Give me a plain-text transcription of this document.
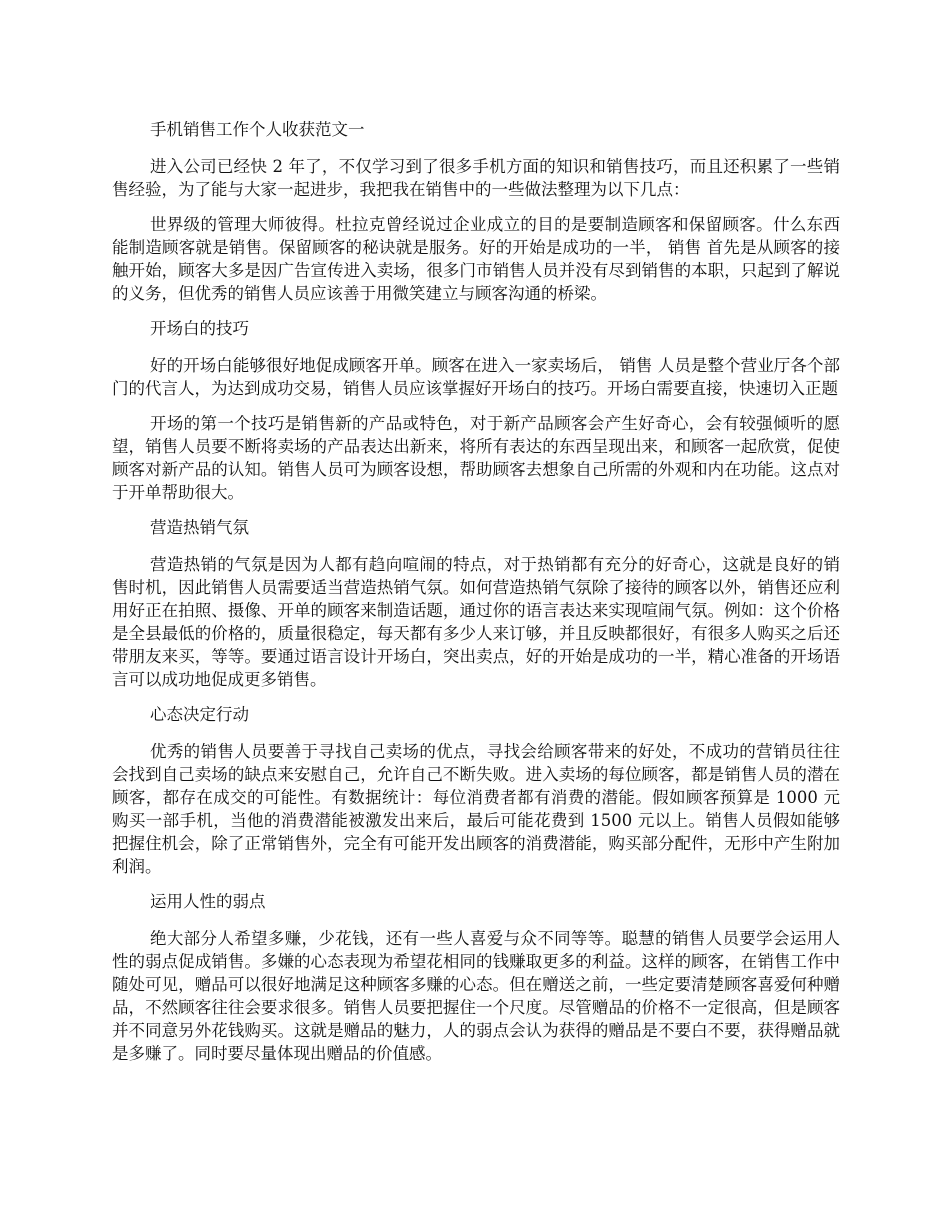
手机销售工作个人收获范文一

进入公司已经快 2 年了，不仅学习到了很多手机方面的知识和销售技巧，而且还积累了一些销售经验，为了能与大家一起进步，我把我在销售中的一些做法整理为以下几点：

世界级的管理大师彼得。杜拉克曾经说过企业成立的目的是要制造顾客和保留顾客。什么东西能制造顾客就是销售。保留顾客的秘诀就是服务。好的开始是成功的一半， 销售 首先是从顾客的接触开始，顾客大多是因广告宣传进入卖场，很多门市销售人员并没有尽到销售的本职，只起到了解说的义务，但优秀的销售人员应该善于用微笑建立与顾客沟通的桥梁。

开场白的技巧

好的开场白能够很好地促成顾客开单。顾客在进入一家卖场后， 销售 人员是整个营业厅各个部门的代言人，为达到成功交易，销售人员应该掌握好开场白的技巧。开场白需要直接，快速切入正题

开场的第一个技巧是销售新的产品或特色，对于新产品顾客会产生好奇心，会有较强倾听的愿望，销售人员要不断将卖场的产品表达出新来，将所有表达的东西呈现出来，和顾客一起欣赏，促使顾客对新产品的认知。销售人员可为顾客设想，帮助顾客去想象自己所需的外观和内在功能。这点对于开单帮助很大。

营造热销气氛

营造热销的气氛是因为人都有趋向喧闹的特点，对于热销都有充分的好奇心，这就是良好的销售时机，因此销售人员需要适当营造热销气氛。如何营造热销气氛除了接待的顾客以外，销售还应利用好正在拍照、摄像、开单的顾客来制造话题，通过你的语言表达来实现喧闹气氛。例如：这个价格是全县最低的价格的，质量很稳定，每天都有多少人来订够，并且反映都很好，有很多人购买之后还带朋友来买，等等。要通过语言设计开场白，突出卖点，好的开始是成功的一半，精心准备的开场语言可以成功地促成更多销售。

心态决定行动

优秀的销售人员要善于寻找自己卖场的优点，寻找会给顾客带来的好处，不成功的营销员往往会找到自己卖场的缺点来安慰自己，允许自己不断失败。进入卖场的每位顾客，都是销售人员的潜在顾客，都存在成交的可能性。有数据统计：每位消费者都有消费的潜能。假如顾客预算是 1000 元购买一部手机，当他的消费潜能被激发出来后，最后可能花费到 1500 元以上。销售人员假如能够把握住机会，除了正常销售外，完全有可能开发出顾客的消费潜能，购买部分配件，无形中产生附加利润。

运用人性的弱点

绝大部分人希望多赚，少花钱，还有一些人喜爱与众不同等等。聪慧的销售人员要学会运用人性的弱点促成销售。多嫌的心态表现为希望花相同的钱赚取更多的利益。这样的顾客，在销售工作中随处可见，赠品可以很好地满足这种顾客多赚的心态。但在赠送之前，一些定要清楚顾客喜爱何种赠品，不然顾客往往会要求很多。销售人员要把握住一个尺度。尽管赠品的价格不一定很高，但是顾客并不同意另外花钱购买。这就是赠品的魅力，人的弱点会认为获得的赠品是不要白不要，获得赠品就是多赚了。同时要尽量体现出赠品的价值感。
